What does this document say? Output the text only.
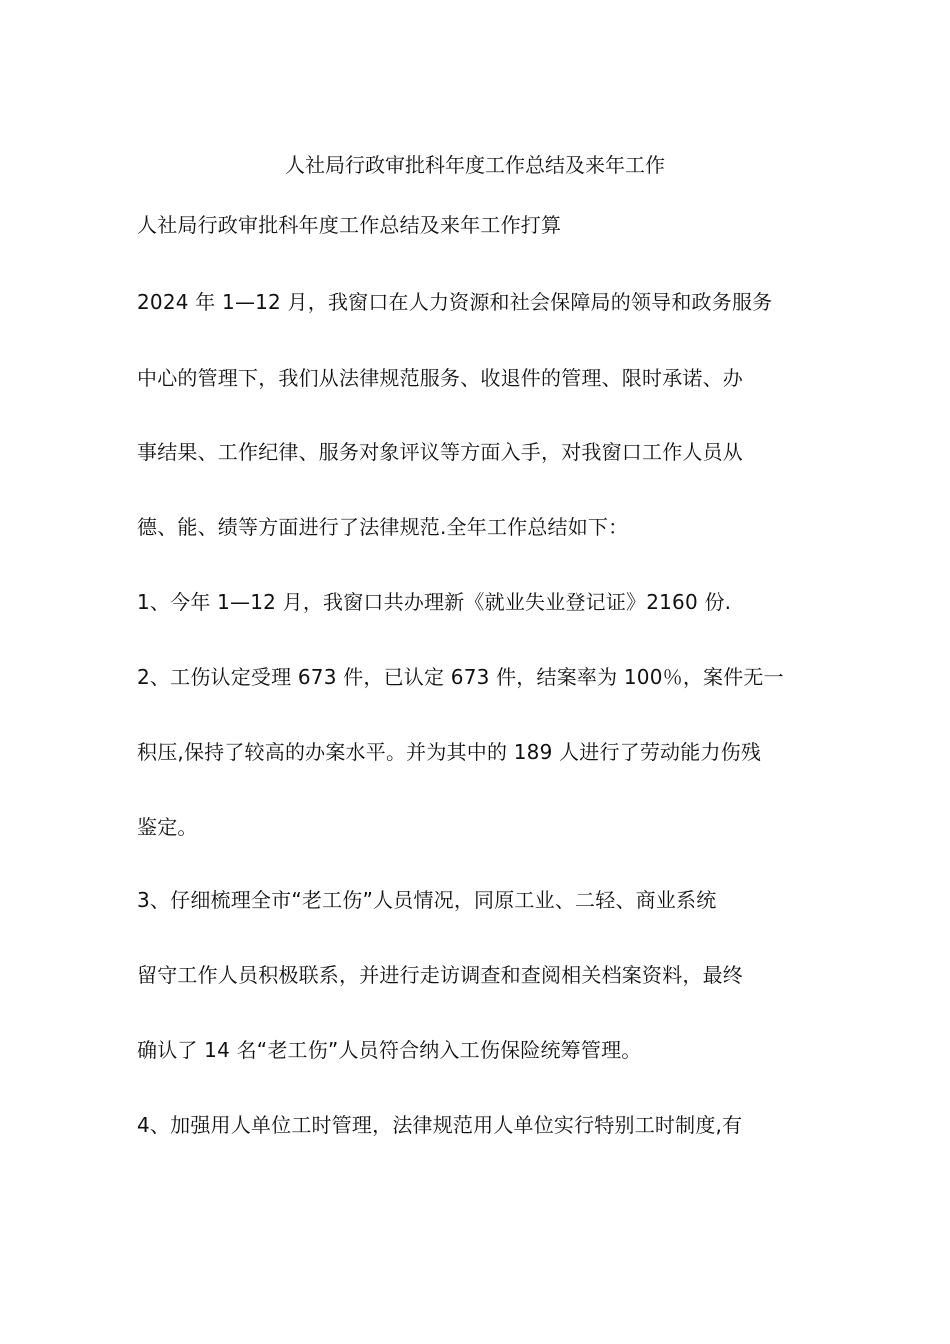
人社局行政审批科年度工作总结及来年工作
人社局行政审批科年度工作总结及来年工作打算
2024 年 1—12 月，我窗口在人力资源和社会保障局的领导和政务服务
中心的管理下，我们从法律规范服务、收退件的管理、限时承诺、办
事结果、工作纪律、服务对象评议等方面入手，对我窗口工作人员从
德、能、绩等方面进行了法律规范.全年工作总结如下：
1、今年 1—12 月，我窗口共办理新《就业失业登记证》2160 份.
2、工伤认定受理 673 件，已认定 673 件，结案率为 100％，案件无一
积压,保持了较高的办案水平。并为其中的 189 人进行了劳动能力伤残
鉴定。
3、仔细梳理全市“老工伤”人员情况，同原工业、二轻、商业系统
留守工作人员积极联系，并进行走访调查和查阅相关档案资料，最终
确认了 14 名“老工伤”人员符合纳入工伤保险统筹管理。
4、加强用人单位工时管理，法律规范用人单位实行特别工时制度,有
